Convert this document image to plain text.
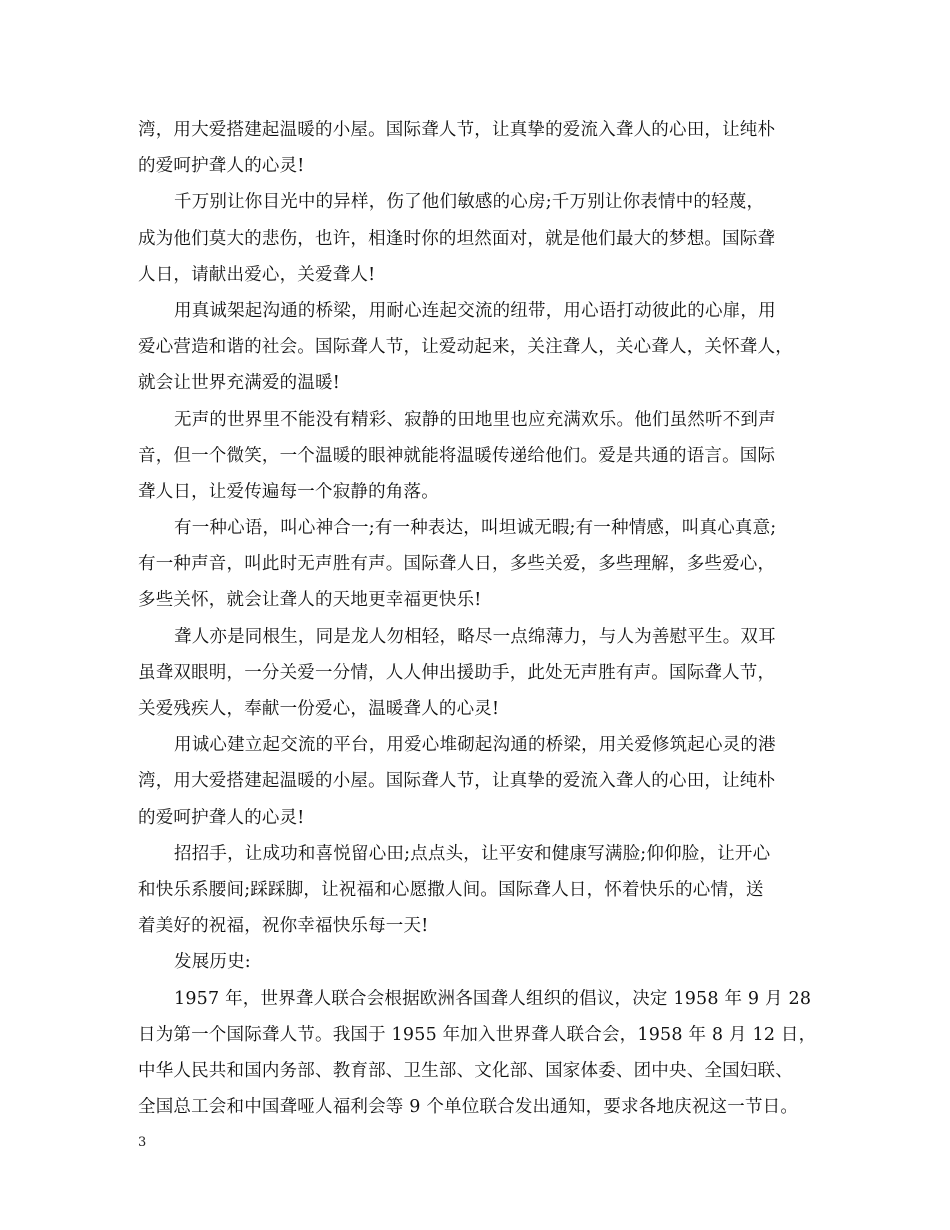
湾，用大爱搭建起温暖的小屋。国际聋人节，让真挚的爱流入聋人的心田，让纯朴
的爱呵护聋人的心灵!
千万别让你目光中的异样，伤了他们敏感的心房;千万别让你表情中的轻蔑，
成为他们莫大的悲伤，也许，相逢时你的坦然面对，就是他们最大的梦想。国际聋
人日，请献出爱心，关爱聋人!
用真诚架起沟通的桥梁，用耐心连起交流的纽带，用心语打动彼此的心扉，用
爱心营造和谐的社会。国际聋人节，让爱动起来，关注聋人，关心聋人，关怀聋人，
就会让世界充满爱的温暖!
无声的世界里不能没有精彩、寂静的田地里也应充满欢乐。他们虽然听不到声
音，但一个微笑，一个温暖的眼神就能将温暖传递给他们。爱是共通的语言。国际
聋人日，让爱传遍每一个寂静的角落。
有一种心语，叫心神合一;有一种表达，叫坦诚无暇;有一种情感，叫真心真意;
有一种声音，叫此时无声胜有声。国际聋人日，多些关爱，多些理解，多些爱心，
多些关怀，就会让聋人的天地更幸福更快乐!
聋人亦是同根生，同是龙人勿相轻，略尽一点绵薄力，与人为善慰平生。双耳
虽聋双眼明，一分关爱一分情，人人伸出援助手，此处无声胜有声。国际聋人节，
关爱残疾人，奉献一份爱心，温暖聋人的心灵!
用诚心建立起交流的平台，用爱心堆砌起沟通的桥梁，用关爱修筑起心灵的港
湾，用大爱搭建起温暖的小屋。国际聋人节，让真挚的爱流入聋人的心田，让纯朴
的爱呵护聋人的心灵!
招招手，让成功和喜悦留心田;点点头，让平安和健康写满脸;仰仰脸，让开心
和快乐系腰间;踩踩脚，让祝福和心愿撒人间。国际聋人日，怀着快乐的心情，送
着美好的祝福，祝你幸福快乐每一天!
发展历史:
1957 年，世界聋人联合会根据欧洲各国聋人组织的倡议，决定 1958 年 9 月 28
日为第一个国际聋人节。我国于 1955 年加入世界聋人联合会，1958 年 8 月 12 日，
中华人民共和国内务部、教育部、卫生部、文化部、国家体委、团中央、全国妇联、
全国总工会和中国聋哑人福利会等 9 个单位联合发出通知，要求各地庆祝这一节日。
3
